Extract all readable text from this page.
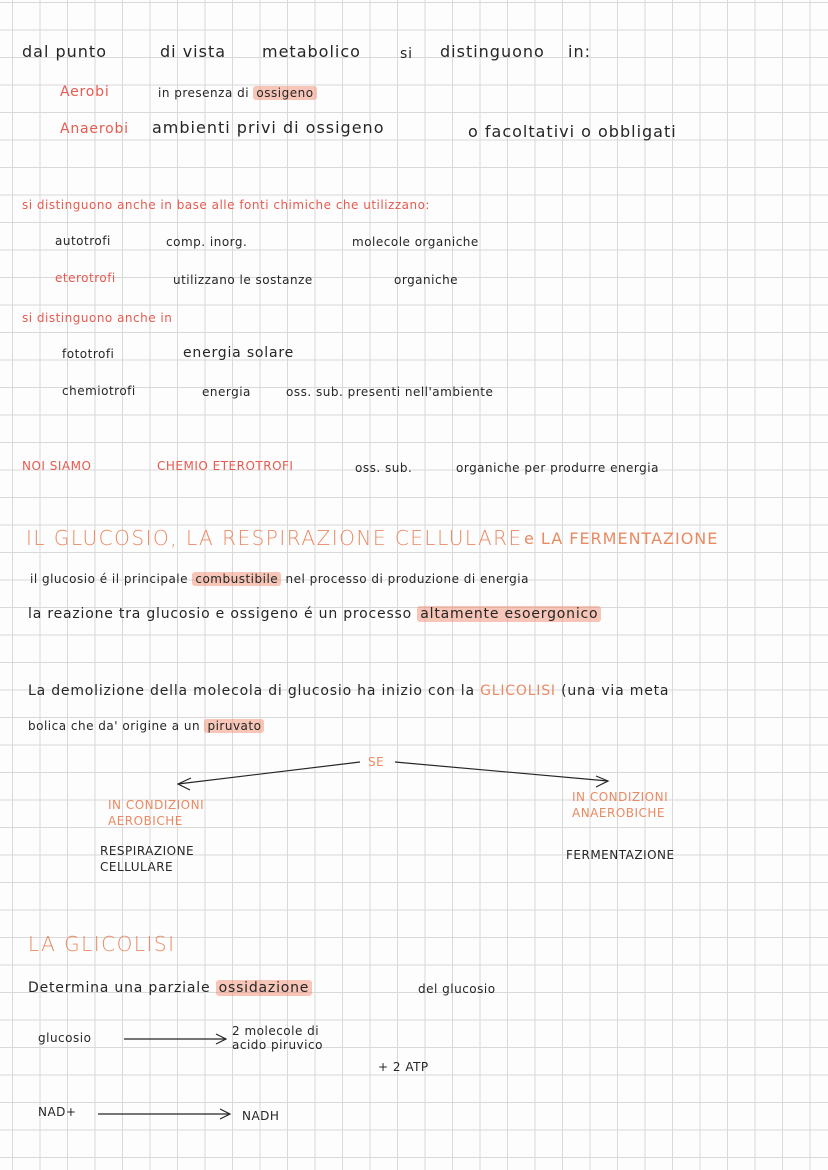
dal punto	di vista metabolico	si distinguono in:
Aerobi	in presenza di ossigeno
Anaerobi ambienti privi di ossigeno	o facoltativi o obbligati
si distinguono anche in base alle fonti chimiche che utilizzano:
autotrofi	comp. inorg.	molecole organiche
eterotrofi	utilizzano le sostanze	organiche
si distinguono anche in
fototrofi	energia solare
chemiotrofi	energia	oss. sub. presenti nell'ambiente
NOI SIAMO	CHEMIO ETEROTROFI	oss. sub.	organiche per produrre energia
IL GLUCOSIO, LA RESPIRAZIONE CELLULARE e LA FERMENTAZIONE
il glucosio é il principale combustibile nel processo di produzione di energia
la reazione tra glucosio e ossigeno é un processo altamente esoergonico
La demolizione della molecola di glucosio ha inizio con la GLICOLISI (una via meta
bolica che da' origine a un piruvato
SE
IN CONDIZIONI AEROBICHE
RESPIRAZIONE CELLULARE
IN CONDIZIONI ANAEROBICHE
FERMENTAZIONE
LA GLICOLISI
Determina una parziale ossidazione	del glucosio
glucosio	2 molecole di acido piruvico
+ 2 ATP
NAD+	NADH
